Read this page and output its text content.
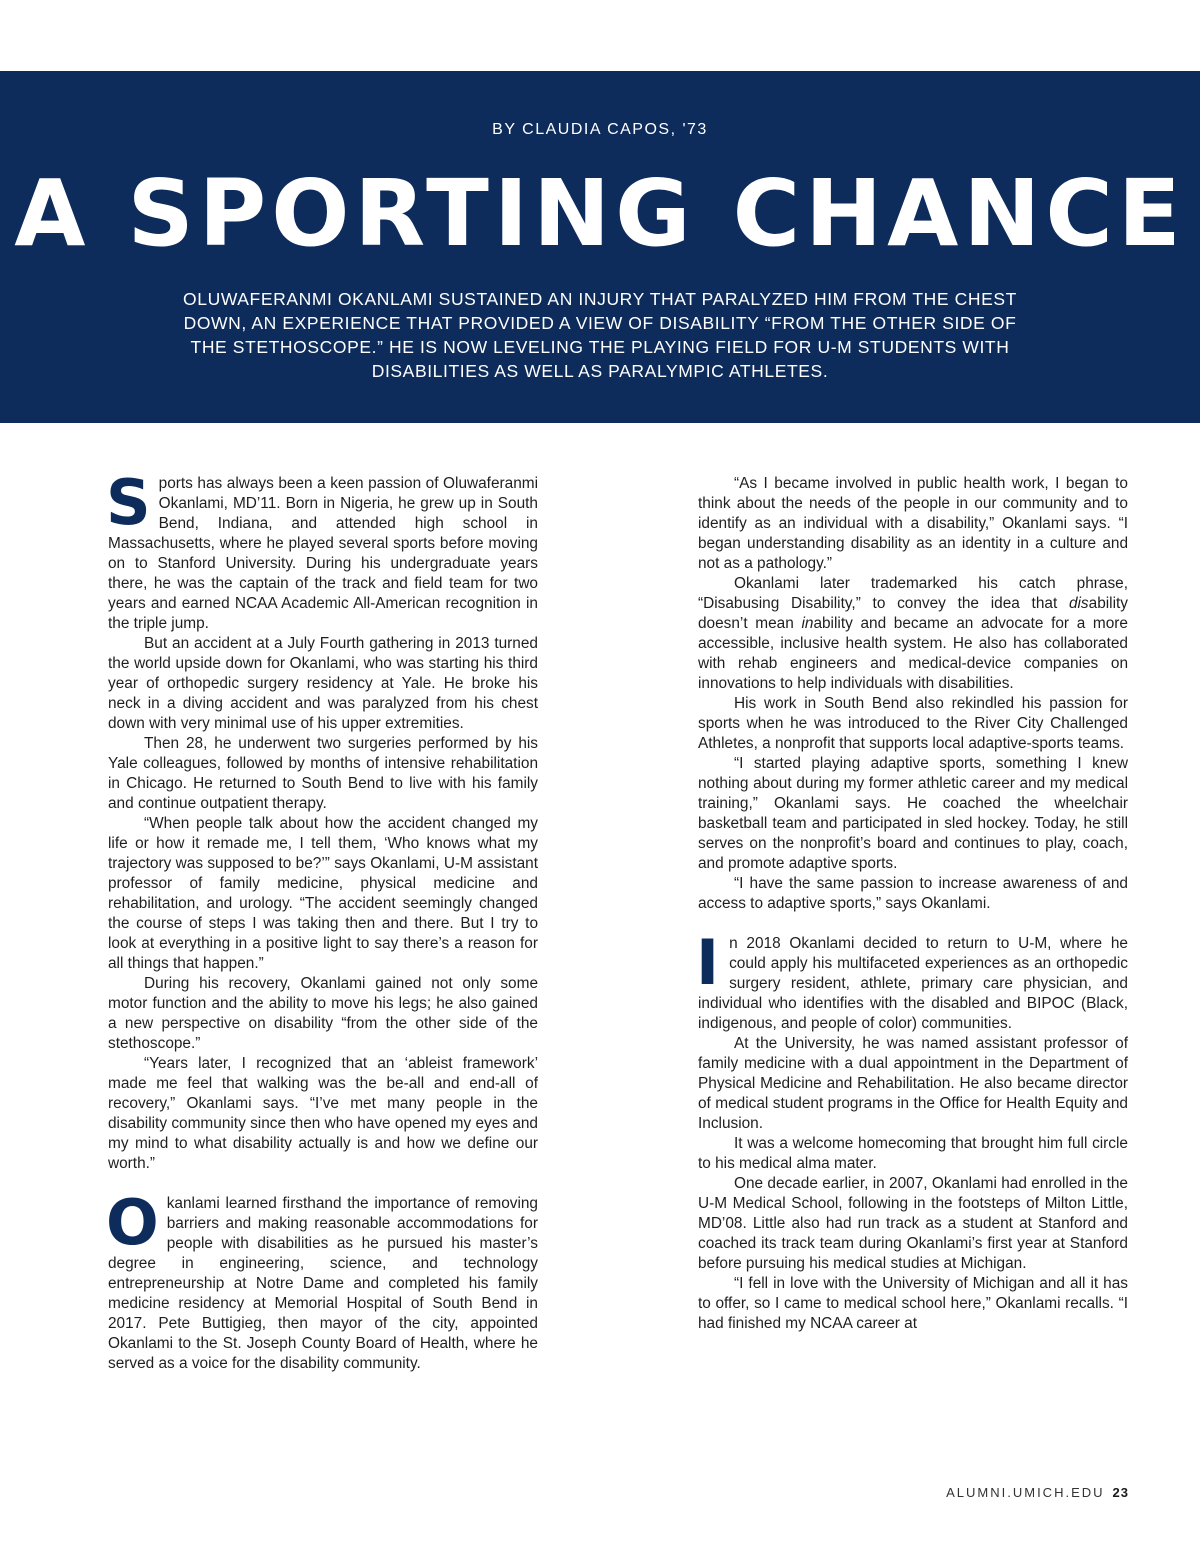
BY CLAUDIA CAPOS, '73
A SPORTING CHANCE
OLUWAFERANMI OKANLAMI SUSTAINED AN INJURY THAT PARALYZED HIM FROM THE CHEST DOWN, AN EXPERIENCE THAT PROVIDED A VIEW OF DISABILITY “FROM THE OTHER SIDE OF THE STETHOSCOPE.” HE IS NOW LEVELING THE PLAYING FIELD FOR U-M STUDENTS WITH DISABILITIES AS WELL AS PARALYMPIC ATHLETES.

Sports has always been a keen passion of Oluwaferanmi Okanlami, MD’11. Born in Nigeria, he grew up in South Bend, Indiana, and attended high school in Massachusetts, where he played several sports before moving on to Stanford University. During his undergraduate years there, he was the captain of the track and field team for two years and earned NCAA Academic All-American recognition in the triple jump.

But an accident at a July Fourth gathering in 2013 turned the world upside down for Okanlami, who was starting his third year of orthopedic surgery residency at Yale. He broke his neck in a diving accident and was paralyzed from his chest down with very minimal use of his upper extremities.

Then 28, he underwent two surgeries performed by his Yale colleagues, followed by months of intensive rehabilitation in Chicago. He returned to South Bend to live with his family and continue outpatient therapy.

“When people talk about how the accident changed my life or how it remade me, I tell them, ‘Who knows what my trajectory was supposed to be?’” says Okanlami, U-M assistant professor of family medicine, physical medicine and rehabilitation, and urology. “The accident seemingly changed the course of steps I was taking then and there. But I try to look at everything in a positive light to say there’s a reason for all things that happen.”

During his recovery, Okanlami gained not only some motor function and the ability to move his legs; he also gained a new perspective on disability “from the other side of the stethoscope.”

“Years later, I recognized that an ‘ableist framework’ made me feel that walking was the be-all and end-all of recovery,” Okanlami says. “I’ve met many people in the disability community since then who have opened my eyes and my mind to what disability actually is and how we define our worth.”

Okanlami learned firsthand the importance of removing barriers and making reasonable accommodations for people with disabilities as he pursued his master’s degree in engineering, science, and technology entrepreneurship at Notre Dame and completed his family medicine residency at Memorial Hospital of South Bend in 2017. Pete Buttigieg, then mayor of the city, appointed Okanlami to the St. Joseph County Board of Health, where he served as a voice for the disability community.

“As I became involved in public health work, I began to think about the needs of the people in our community and to identify as an individual with a disability,” Okanlami says. “I began understanding disability as an identity in a culture and not as a pathology.”

Okanlami later trademarked his catch phrase, “Disabusing Disability,” to convey the idea that disability doesn’t mean inability and became an advocate for a more accessible, inclusive health system. He also has collaborated with rehab engineers and medical-device companies on innovations to help individuals with disabilities.

His work in South Bend also rekindled his passion for sports when he was introduced to the River City Challenged Athletes, a nonprofit that supports local adaptive-sports teams.

“I started playing adaptive sports, something I knew nothing about during my former athletic career and my medical training,” Okanlami says. He coached the wheelchair basketball team and participated in sled hockey. Today, he still serves on the nonprofit’s board and continues to play, coach, and promote adaptive sports.

“I have the same passion to increase awareness of and access to adaptive sports,” says Okanlami.

In 2018 Okanlami decided to return to U-M, where he could apply his multifaceted experiences as an orthopedic surgery resident, athlete, primary care physician, and individual who identifies with the disabled and BIPOC (Black, indigenous, and people of color) communities.

At the University, he was named assistant professor of family medicine with a dual appointment in the Department of Physical Medicine and Rehabilitation. He also became director of medical student programs in the Office for Health Equity and Inclusion.

It was a welcome homecoming that brought him full circle to his medical alma mater.

One decade earlier, in 2007, Okanlami had enrolled in the U-M Medical School, following in the footsteps of Milton Little, MD’08. Little also had run track as a student at Stanford and coached its track team during Okanlami’s first year at Stanford before pursuing his medical studies at Michigan.

“I fell in love with the University of Michigan and all it has to offer, so I came to medical school here,” Okanlami recalls. “I had finished my NCAA career at

ALUMNI.UMICH.EDU 23
